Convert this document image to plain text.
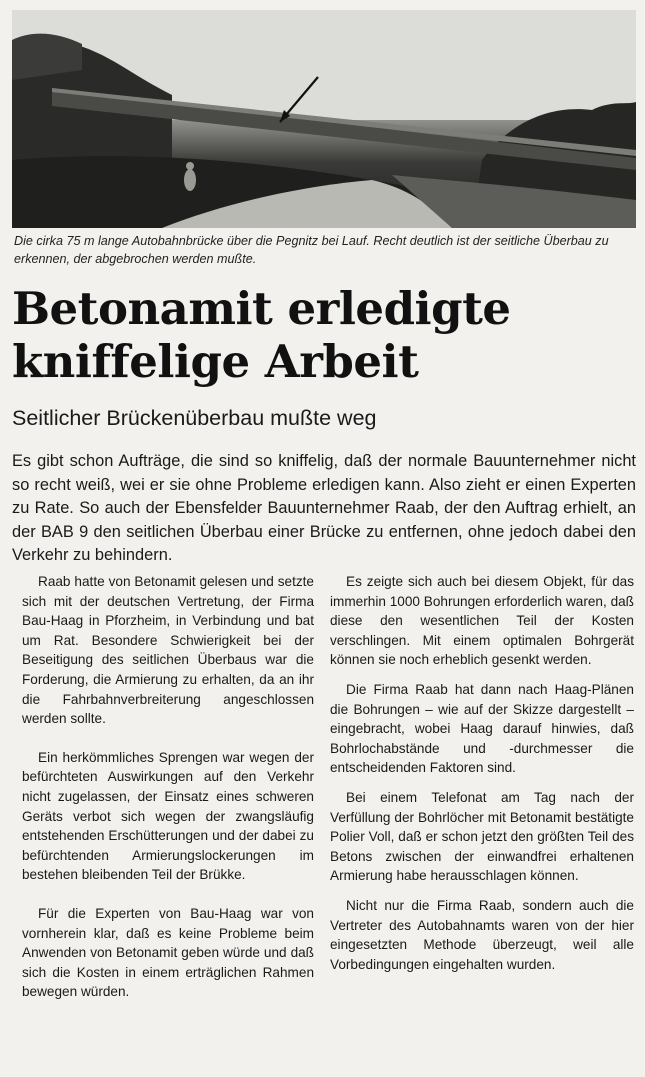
Die cirka 75 m lange Autobahnbrücke über die Pegnitz bei Lauf. Recht deutlich ist der seitliche Überbau zu erkennen, der abgebrochen werden mußte.
Betonamit erledigte
kniffelige Arbeit
Seitlicher Brückenüberbau mußte weg
Es gibt schon Aufträge, die sind so kniffelig, daß der normale Bauunternehmer nicht so recht weiß, wei er sie ohne Probleme erledigen kann. Also zieht er einen Experten zu Rate. So auch der Ebensfelder Bauunternehmer Raab, der den Auftrag erhielt, an der BAB 9 den seitlichen Überbau einer Brücke zu entfernen, ohne jedoch dabei den Verkehr zu behindern.

Raab hatte von Betonamit gelesen und setzte sich mit der deutschen Vertretung, der Firma Bau-Haag in Pforzheim, in Verbindung und bat um Rat. Besondere Schwierigkeit bei der Beseitigung des seitlichen Überbaus war die Forderung, die Armierung zu erhalten, da an ihr die Fahrbahnverbreiterung angeschlossen werden sollte.

Ein herkömmliches Sprengen war wegen der befürchteten Auswirkungen auf den Verkehr nicht zugelassen, der Einsatz eines schweren Geräts verbot sich wegen der zwangsläufig entstehenden Erschütterungen und der dabei zu befürchtenden Armierungslockerungen im bestehen bleibenden Teil der Brükke.

Für die Experten von Bau-Haag war von vornherein klar, daß es keine Probleme beim Anwenden von Betonamit geben würde und daß sich die Kosten in einem erträglichen Rahmen bewegen würden.

Es zeigte sich auch bei diesem Objekt, für das immerhin 1000 Bohrungen erforderlich waren, daß diese den wesentlichen Teil der Kosten verschlingen. Mit einem optimalen Bohrgerät können sie noch erheblich gesenkt werden.

Die Firma Raab hat dann nach Haag-Plänen die Bohrungen – wie auf der Skizze dargestellt – eingebracht, wobei Haag darauf hinwies, daß Bohrlochabstände und -durchmesser die entscheidenden Faktoren sind.

Bei einem Telefonat am Tag nach der Verfüllung der Bohrlöcher mit Betonamit bestätigte Polier Voll, daß er schon jetzt den größten Teil des Betons zwischen der einwandfrei erhaltenen Armierung habe herausschlagen können.

Nicht nur die Firma Raab, sondern auch die Vertreter des Autobahnamts waren von der hier eingesetzten Methode überzeugt, weil alle Vorbedingungen eingehalten wurden.
